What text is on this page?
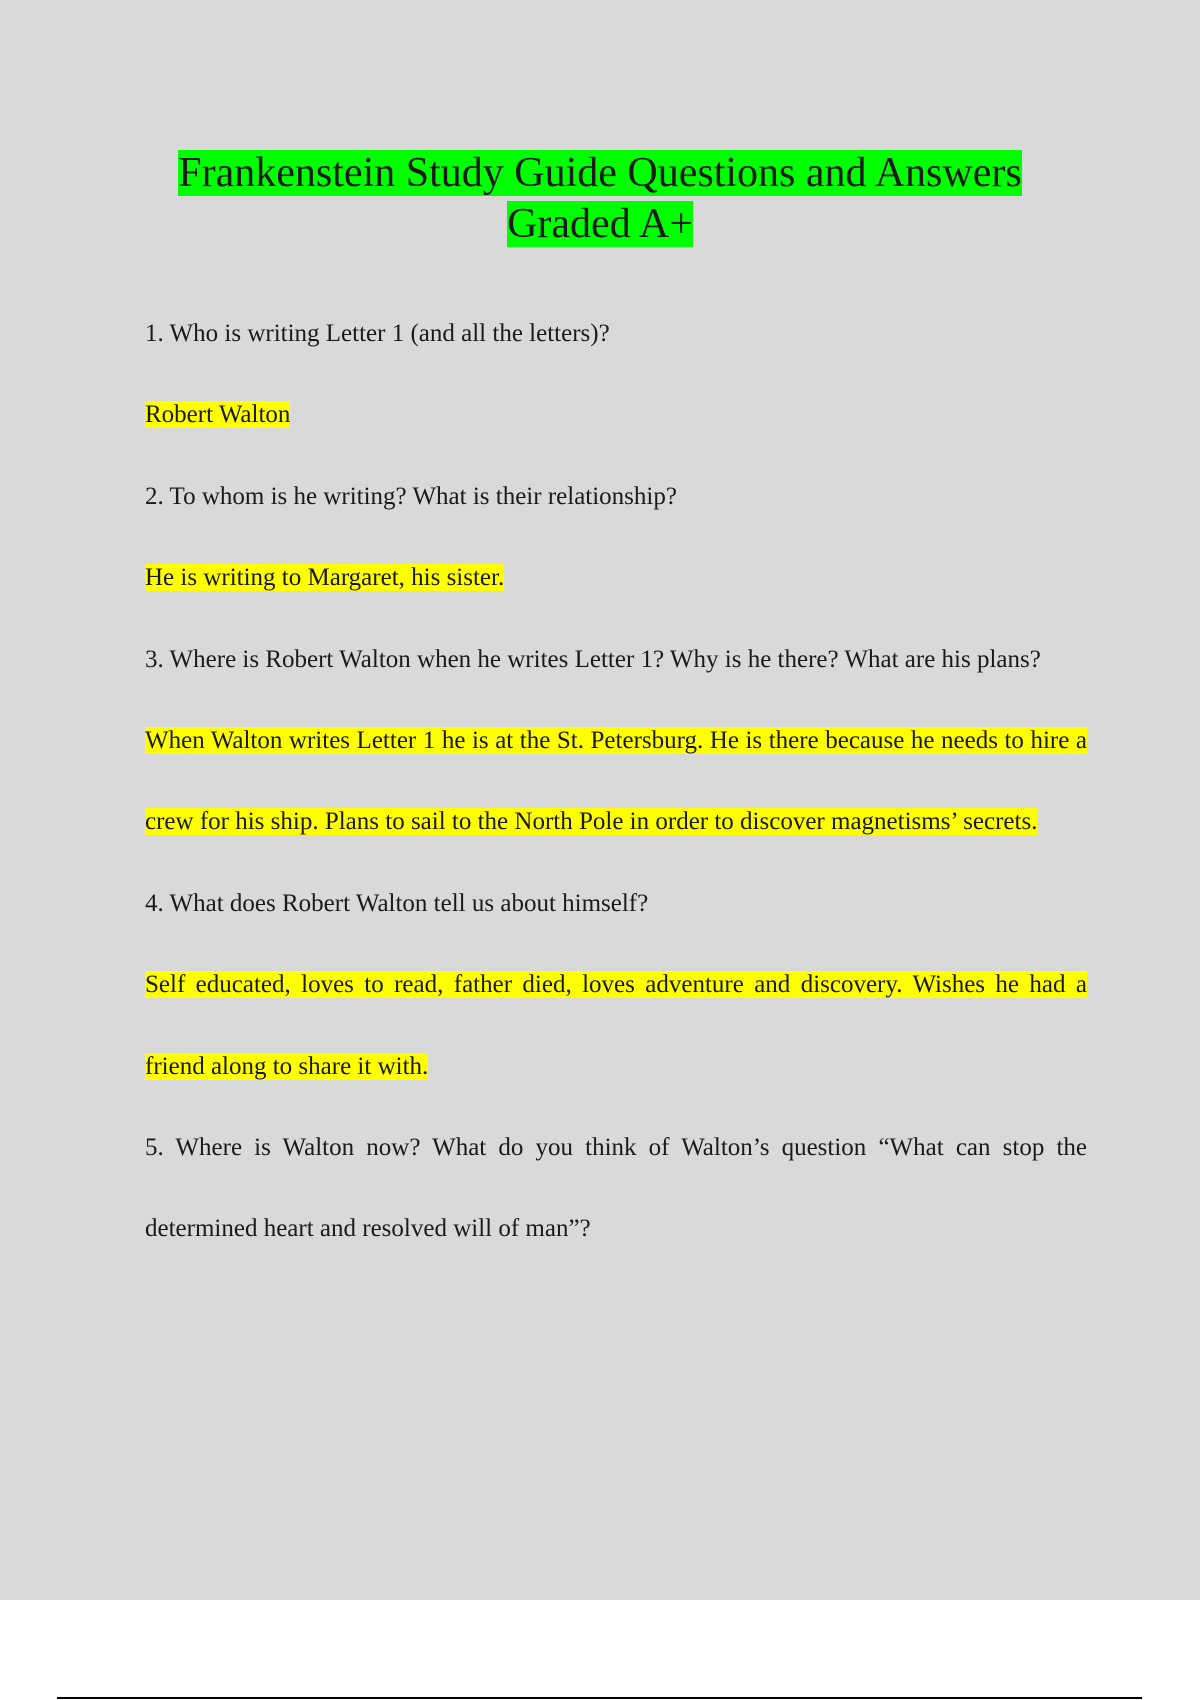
Frankenstein Study Guide Questions and Answers
Graded A+

1. Who is writing Letter 1 (and all the letters)?

Robert Walton

2. To whom is he writing? What is their relationship?

He is writing to Margaret, his sister.

3. Where is Robert Walton when he writes Letter 1? Why is he there? What are his plans?

When Walton writes Letter 1 he is at the St. Petersburg. He is there because he needs to hire a crew for his ship. Plans to sail to the North Pole in order to discover magnetisms’ secrets.

4. What does Robert Walton tell us about himself?

Self educated, loves to read, father died, loves adventure and discovery. Wishes he had a friend along to share it with.

5. Where is Walton now? What do you think of Walton’s question “What can stop the determined heart and resolved will of man”?
